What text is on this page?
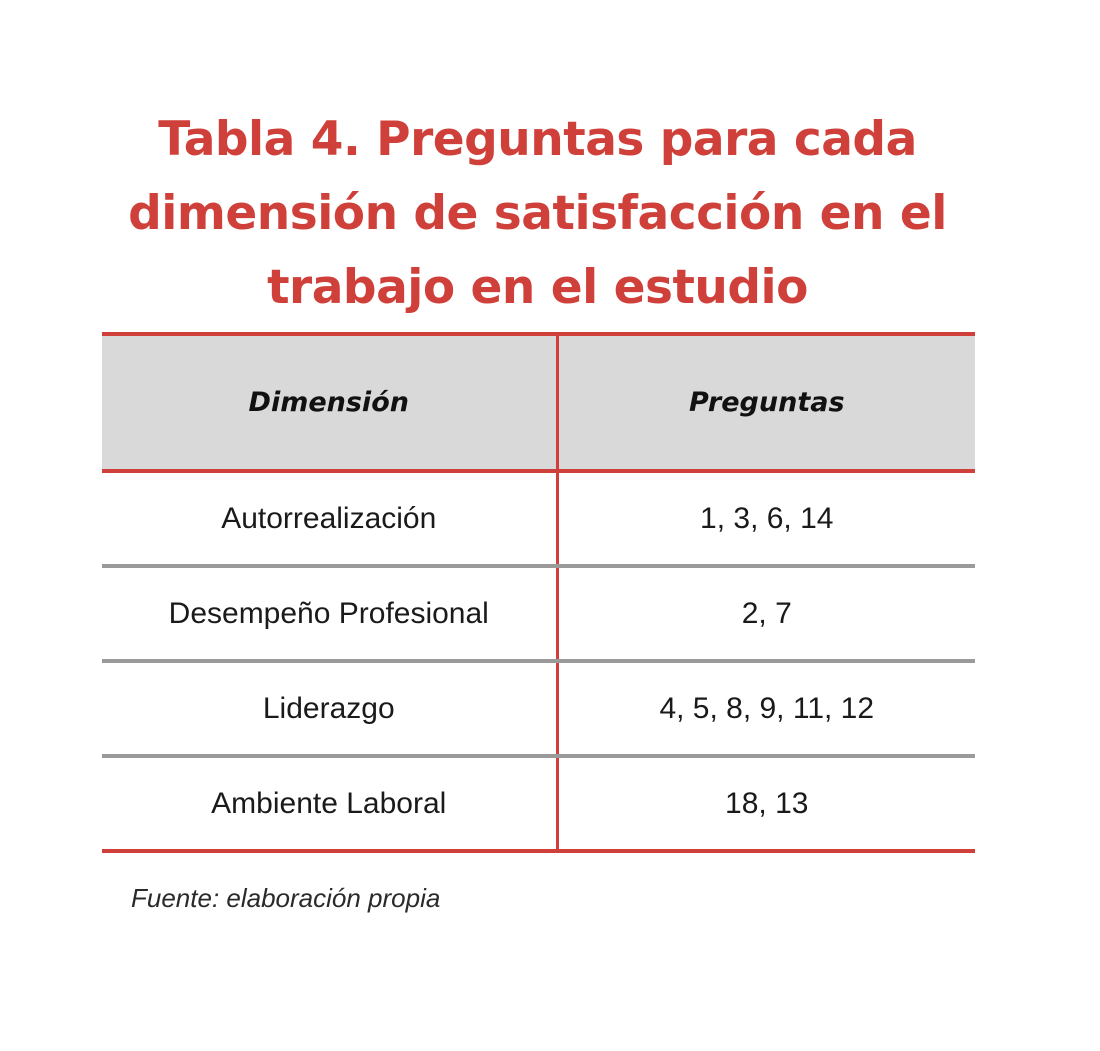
Tabla 4. Preguntas para cada
dimensión de satisfacción en el
trabajo en el estudio
Dimensión	Preguntas
Autorrealización	1, 3, 6, 14
Desempeño Profesional	2, 7
Liderazgo	4, 5, 8, 9, 11, 12
Ambiente Laboral	18, 13

Fuente: elaboración propia
